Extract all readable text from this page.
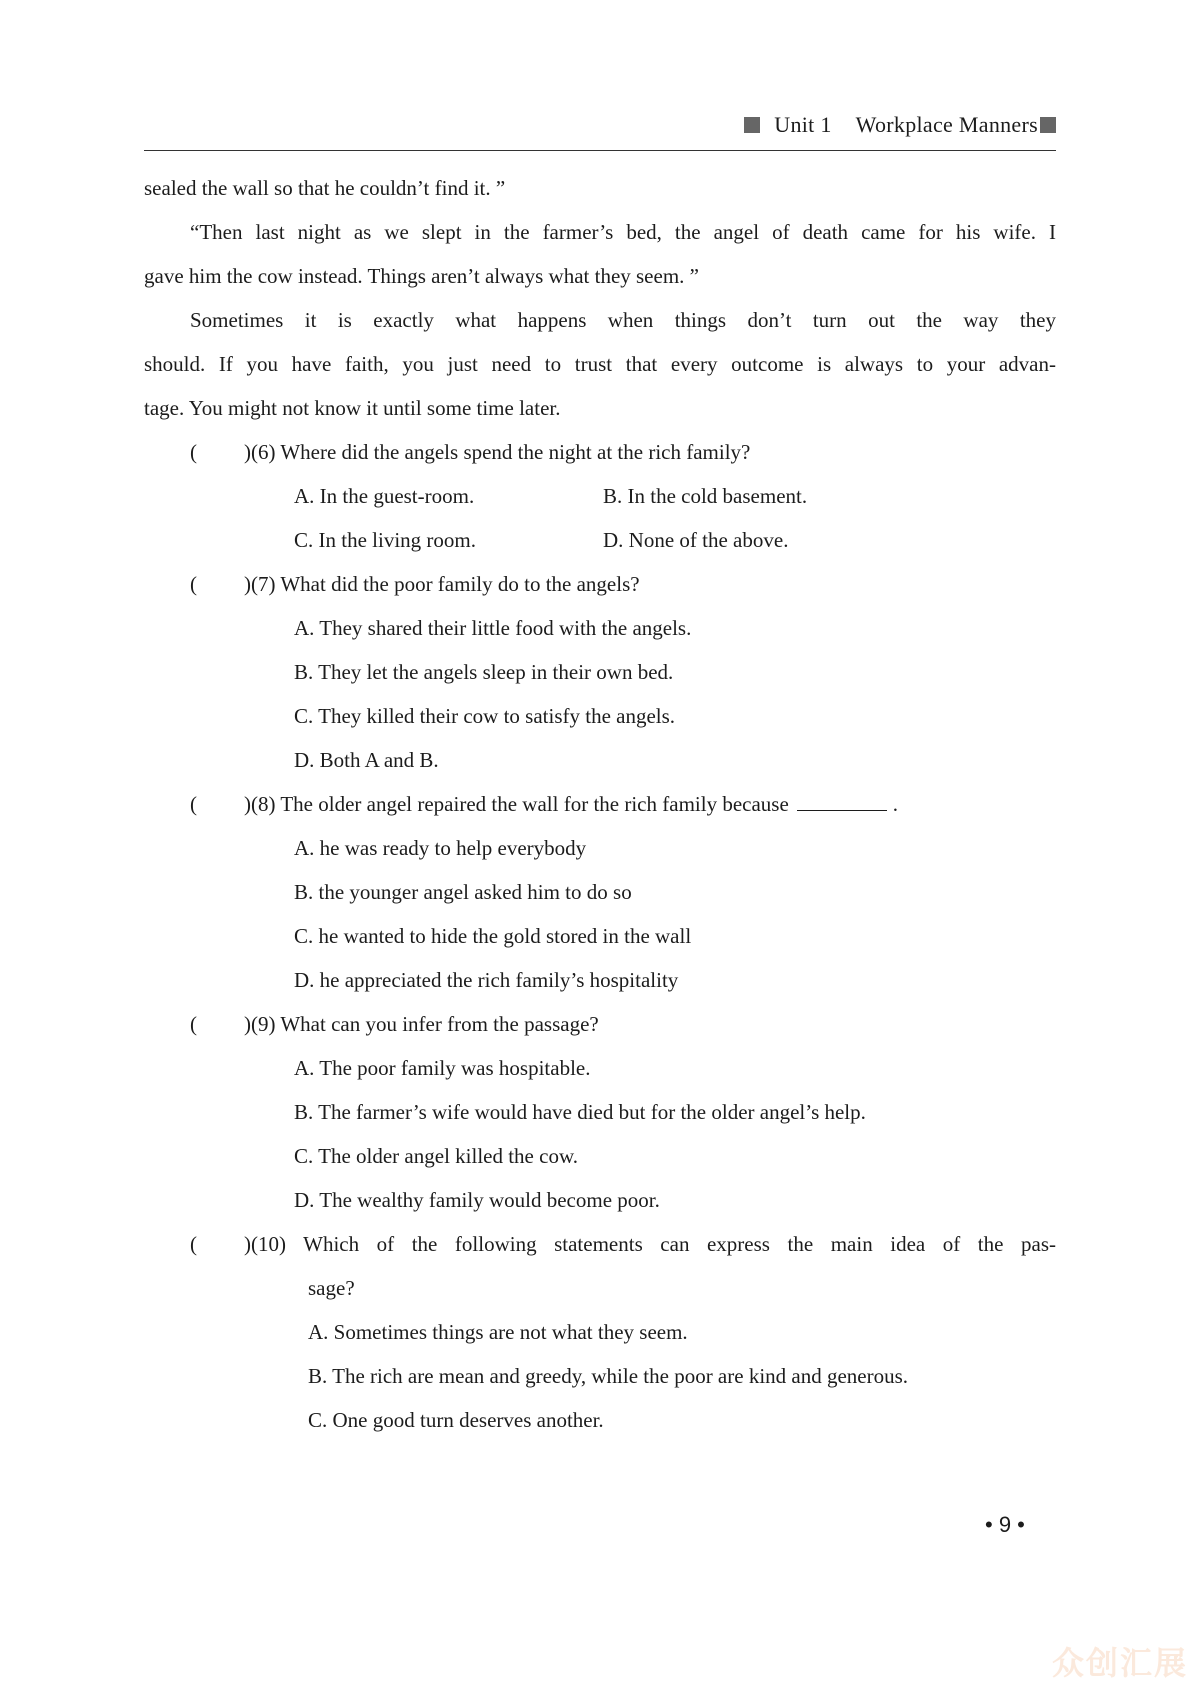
Unit 1 Workplace Manners
sealed the wall so that he couldn’t find it. ”
“Then last night as we slept in the farmer’s bed, the angel of death came for his wife. I
gave him the cow instead. Things aren’t always what they seem. ”
Sometimes it is exactly what happens when things don’t turn out the way they
should. If you have faith, you just need to trust that every outcome is always to your advan-
tage. You might not know it until some time later.
( )(6) Where did the angels spend the night at the rich family?
A. In the guest-room.	B. In the cold basement.
C. In the living room.	D. None of the above.
( )(7) What did the poor family do to the angels?
A. They shared their little food with the angels.
B. They let the angels sleep in their own bed.
C. They killed their cow to satisfy the angels.
D. Both A and B.
( )(8) The older angel repaired the wall for the rich family because	.
A. he was ready to help everybody
B. the younger angel asked him to do so
C. he wanted to hide the gold stored in the wall
D. he appreciated the rich family’s hospitality
( )(9) What can you infer from the passage?
A. The poor family was hospitable.
B. The farmer’s wife would have died but for the older angel’s help.
C. The older angel killed the cow.
D. The wealthy family would become poor.
( )(10) Which of the following statements can express the main idea of the pas-
sage?
A. Sometimes things are not what they seem.
B. The rich are mean and greedy, while the poor are kind and generous.
C. One good turn deserves another.
• 9 •
众创汇展
